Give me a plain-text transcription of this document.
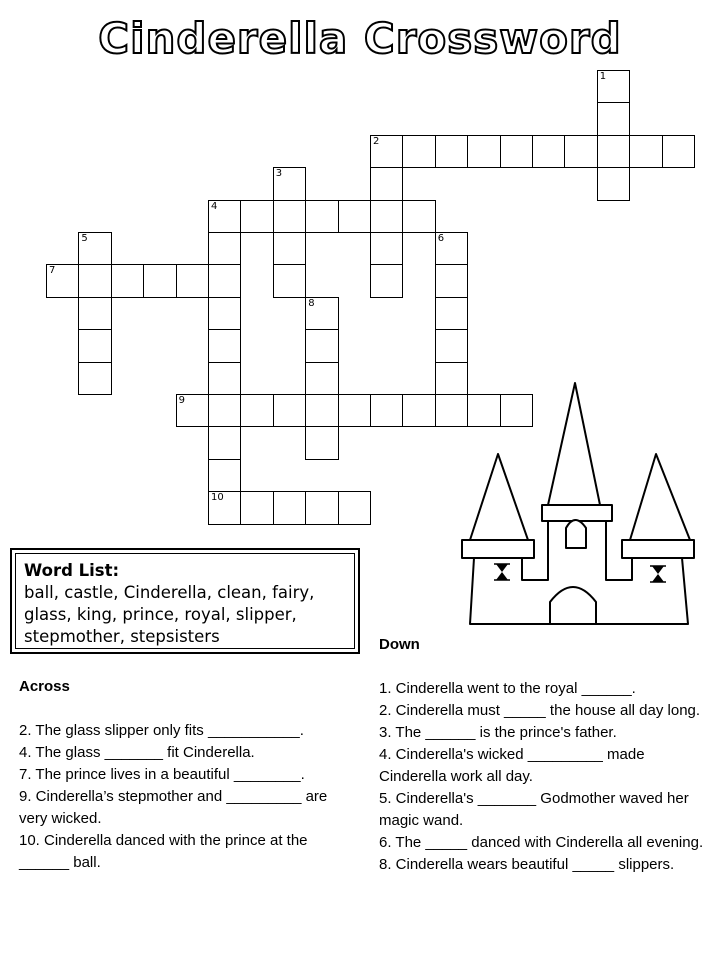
Cinderella Crossword
1
2
3
4
10
5	6
7
8
9
Word List:
ball, castle, Cinderella, clean, fairy, glass, king, prince, royal, slipper, stepmother, stepsisters
Across

2. The glass slipper only fits ___________.

4. The glass _______ fit Cinderella.

7. The prince lives in a beautiful ________.

9. Cinderella’s stepmother and _________ are very wicked.

10. Cinderella danced with the prince at the ______ ball.

Down

1. Cinderella went to the royal ______.

2. Cinderella must _____ the house all day long.

3. The ______ is the prince's father.

4. Cinderella's wicked _________ made Cinderella work all day.

5. Cinderella's _______ Godmother waved her magic wand.

6. The _____ danced with Cinderella all evening.

8. Cinderella wears beautiful _____ slippers.
